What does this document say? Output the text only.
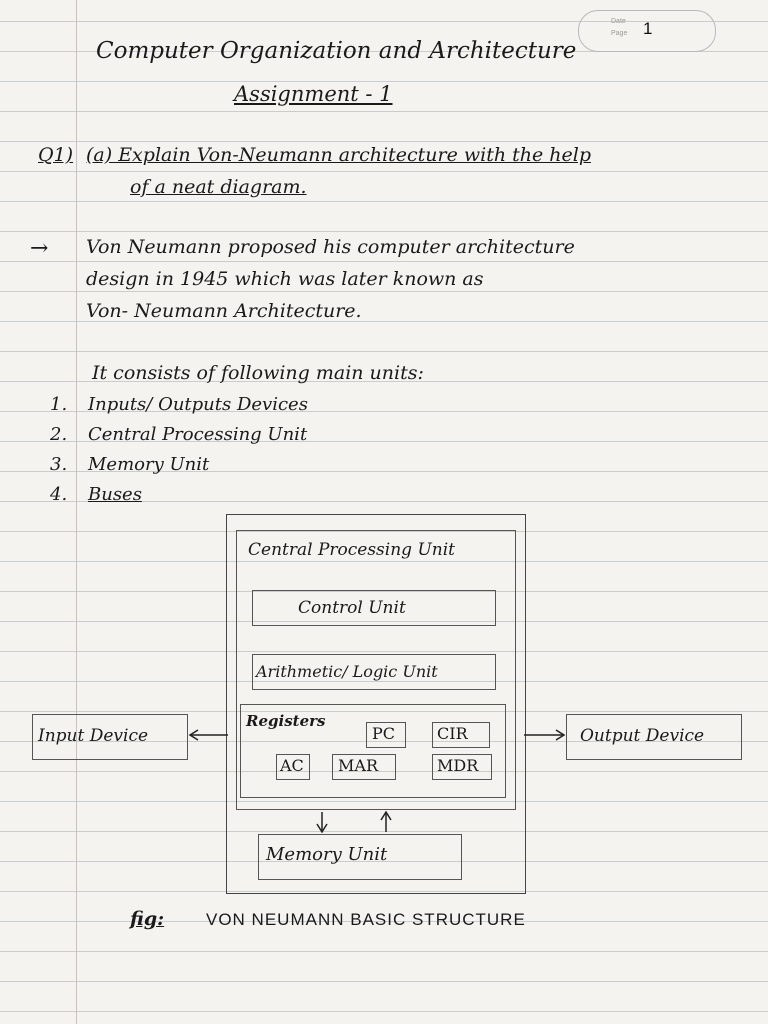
Date
Page 1
Computer Organization and Architecture
Assignment - 1
Q1) (a) Explain Von-Neumann architecture with the help
of a neat diagram.
→ Von Neumann proposed his computer architecture
design in 1945 which was later known as
Von- Neumann Architecture.
It consists of following main units:
1. Inputs/ Outputs Devices
2. Central Processing Unit
3. Memory Unit
4. Buses
Central Processing Unit
Control Unit
Arithmetic/ Logic Unit
Registers
PC	CIR
AC MAR	MDR
Input Device	Output Device
Memory Unit
fig: VON NEUMANN BASIC STRUCTURE
